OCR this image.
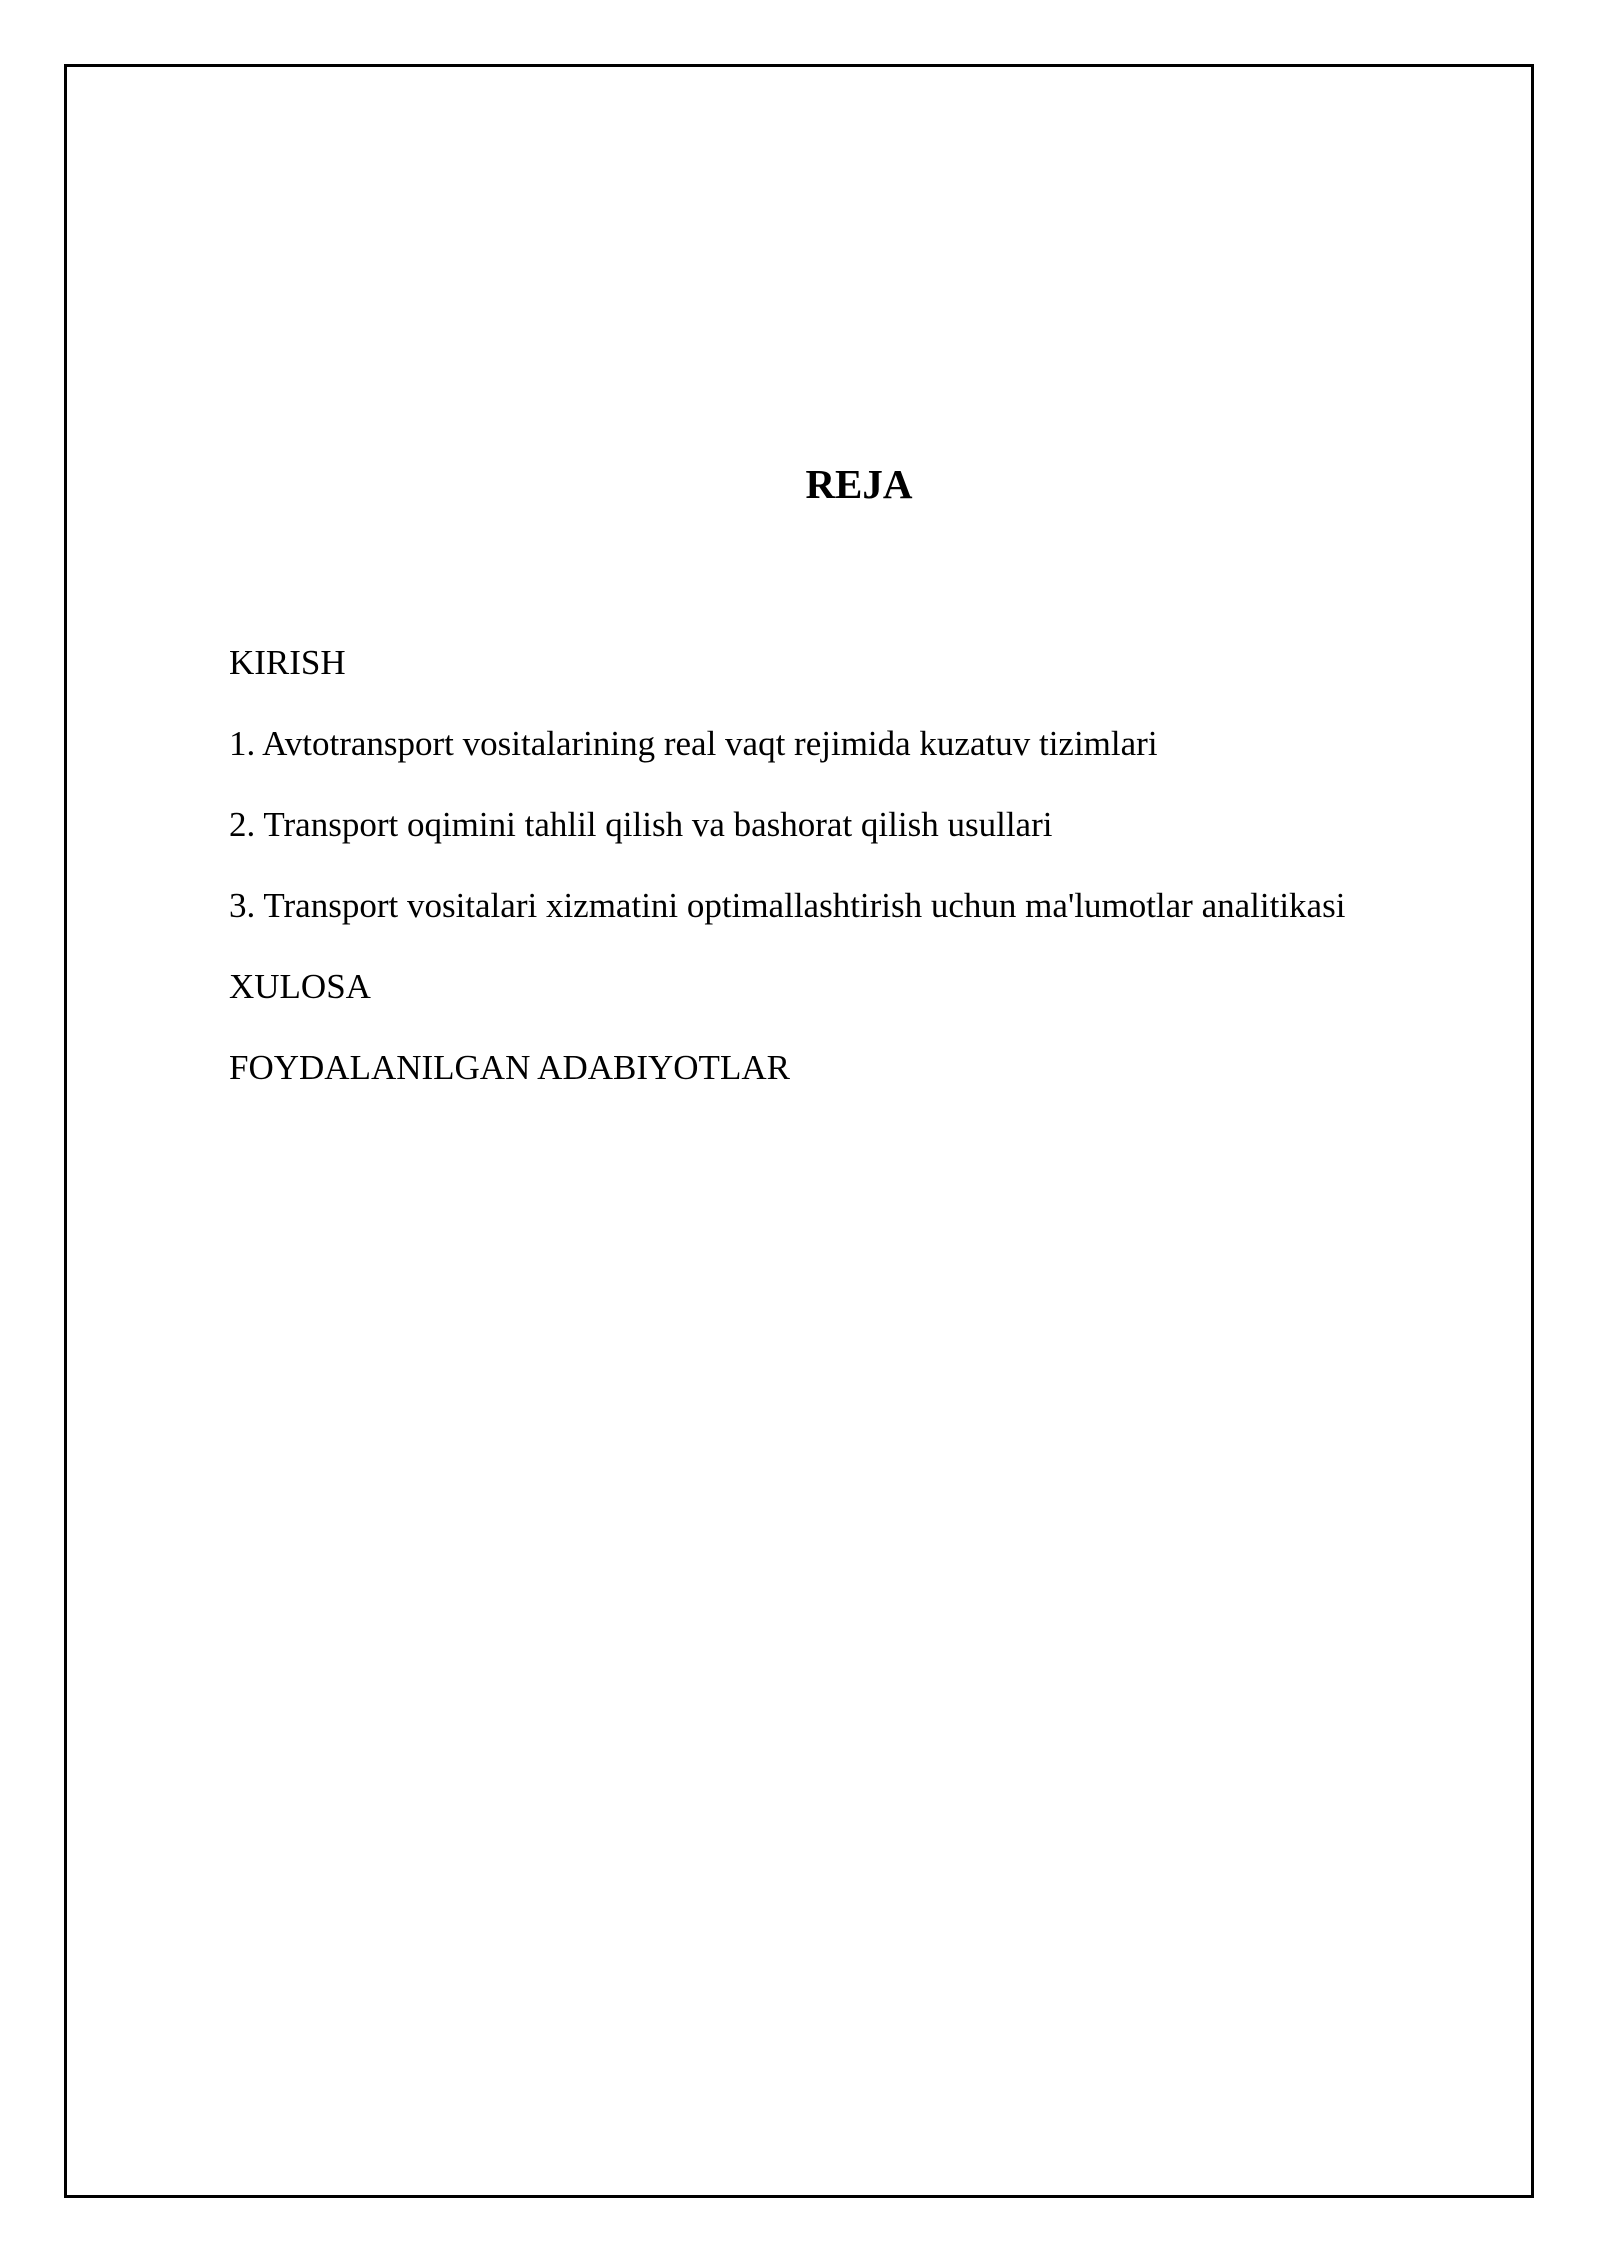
REJA
KIRISH
1. Avtotransport vositalarining real vaqt rejimida kuzatuv tizimlari
2. Transport oqimini tahlil qilish va bashorat qilish usullari
3. Transport vositalari xizmatini optimallashtirish uchun ma'lumotlar analitikasi
XULOSA
FOYDALANILGAN ADABIYOTLAR
